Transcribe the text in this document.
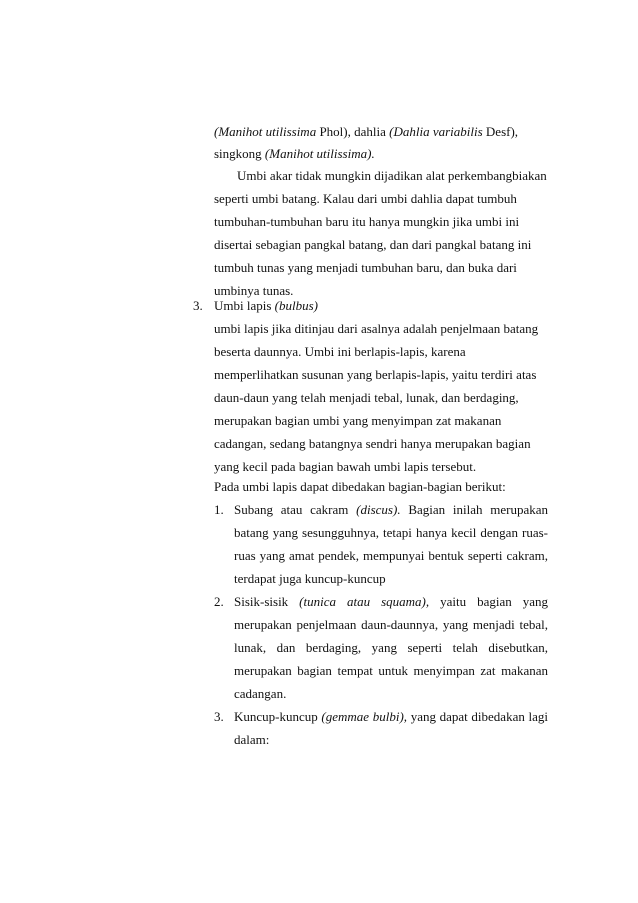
(Manihot utilissima Phol), dahlia (Dahlia variabilis Desf),
singkong (Manihot utilissima).
Umbi akar tidak mungkin dijadikan alat perkembangbiakan
seperti umbi batang. Kalau dari umbi dahlia dapat tumbuh
tumbuhan-tumbuhan baru itu hanya mungkin jika umbi ini
disertai sebagian pangkal batang, dan dari pangkal batang ini
tumbuh tunas yang menjadi tumbuhan baru, dan buka dari
umbinya tunas.
3. Umbi lapis (bulbus)
umbi lapis jika ditinjau dari asalnya adalah penjelmaan batang
beserta daunnya. Umbi ini berlapis-lapis, karena
memperlihatkan susunan yang berlapis-lapis, yaitu terdiri atas
daun-daun yang telah menjadi tebal, lunak, dan berdaging,
merupakan bagian umbi yang menyimpan zat makanan
cadangan, sedang batangnya sendri hanya merupakan bagian
yang kecil pada bagian bawah umbi lapis tersebut.
Pada umbi lapis dapat dibedakan bagian-bagian berikut:
1. Subang atau cakram (discus). Bagian inilah merupakan
batang yang sesungguhnya, tetapi hanya kecil dengan ruas-
ruas yang amat pendek, mempunyai bentuk seperti cakram,
terdapat juga kuncup-kuncup
2. Sisik-sisik (tunica atau squama), yaitu bagian yang
merupakan penjelmaan daun-daunnya, yang menjadi tebal,
lunak, dan berdaging, yang seperti telah disebutkan,
merupakan bagian tempat untuk menyimpan zat makanan
cadangan.
3. Kuncup-kuncup (gemmae bulbi), yang dapat dibedakan lagi
dalam:
